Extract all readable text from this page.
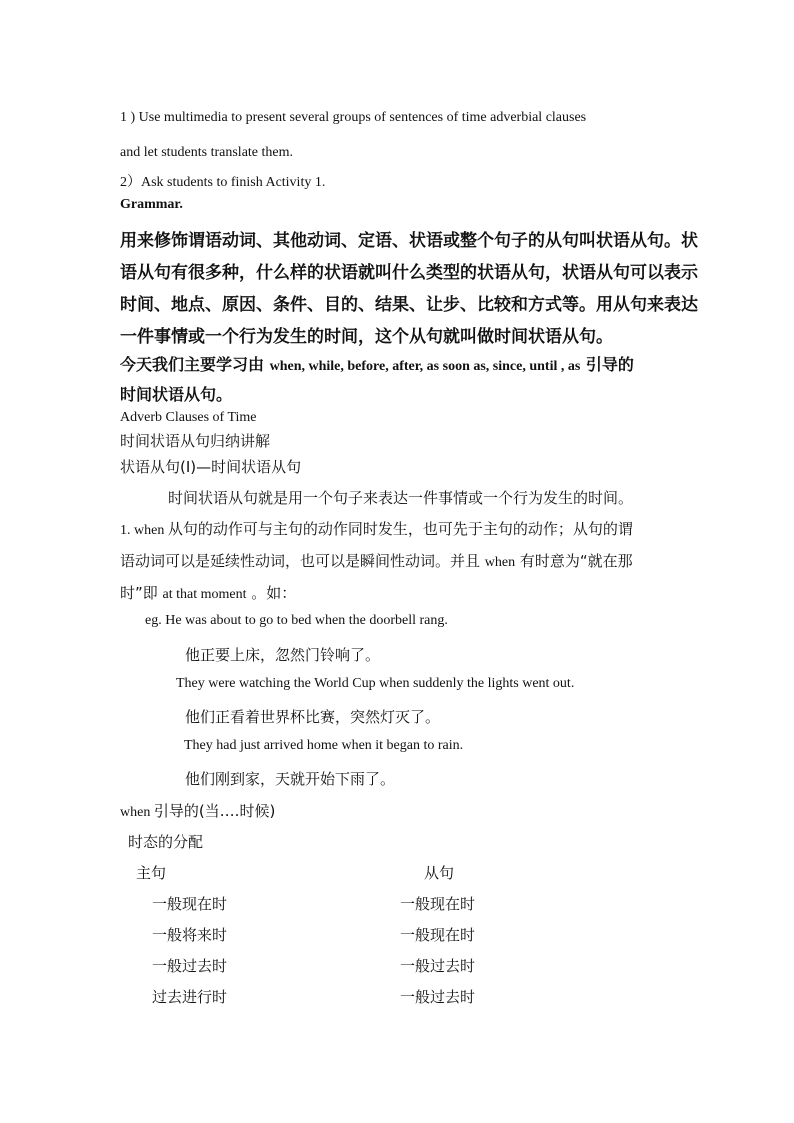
1 ) Use multimedia to present several groups of sentences of time adverbial clauses
and let students translate them.
2）Ask students to finish Activity 1.
Grammar.
用来修饰谓语动词、其他动词、定语、状语或整个句子的从句叫状语从句。状
语从句有很多种，什么样的状语就叫什么类型的状语从句，状语从句可以表示
时间、地点、原因、条件、目的、结果、让步、比较和方式等。用从句来表达
一件事情或一个行为发生的时间，这个从句就叫做时间状语从句。
今天我们主要学习由 when, while, before, after, as soon as, since, until , as 引导的
时间状语从句。
Adverb Clauses of Time
时间状语从句归纳讲解
状语从句(Ⅰ)—时间状语从句
时间状语从句就是用一个句子来表达一件事情或一个行为发生的时间。
1. when 从句的动作可与主句的动作同时发生，也可先于主句的动作；从句的谓
语动词可以是延续性动词，也可以是瞬间性动词。并且 when 有时意为“就在那
时”即 at that moment 。如：
eg. He was about to go to bed when the doorbell rang.
他正要上床，忽然门铃响了。
They were watching the World Cup when suddenly the lights went out.
他们正看着世界杯比赛，突然灯灭了。
They had just arrived home when it began to rain.
他们刚到家，天就开始下雨了。
when 引导的(当….时候)
时态的分配
主句	从句
一般现在时	一般现在时
一般将来时	一般现在时
一般过去时	一般过去时
过去进行时	一般过去时
